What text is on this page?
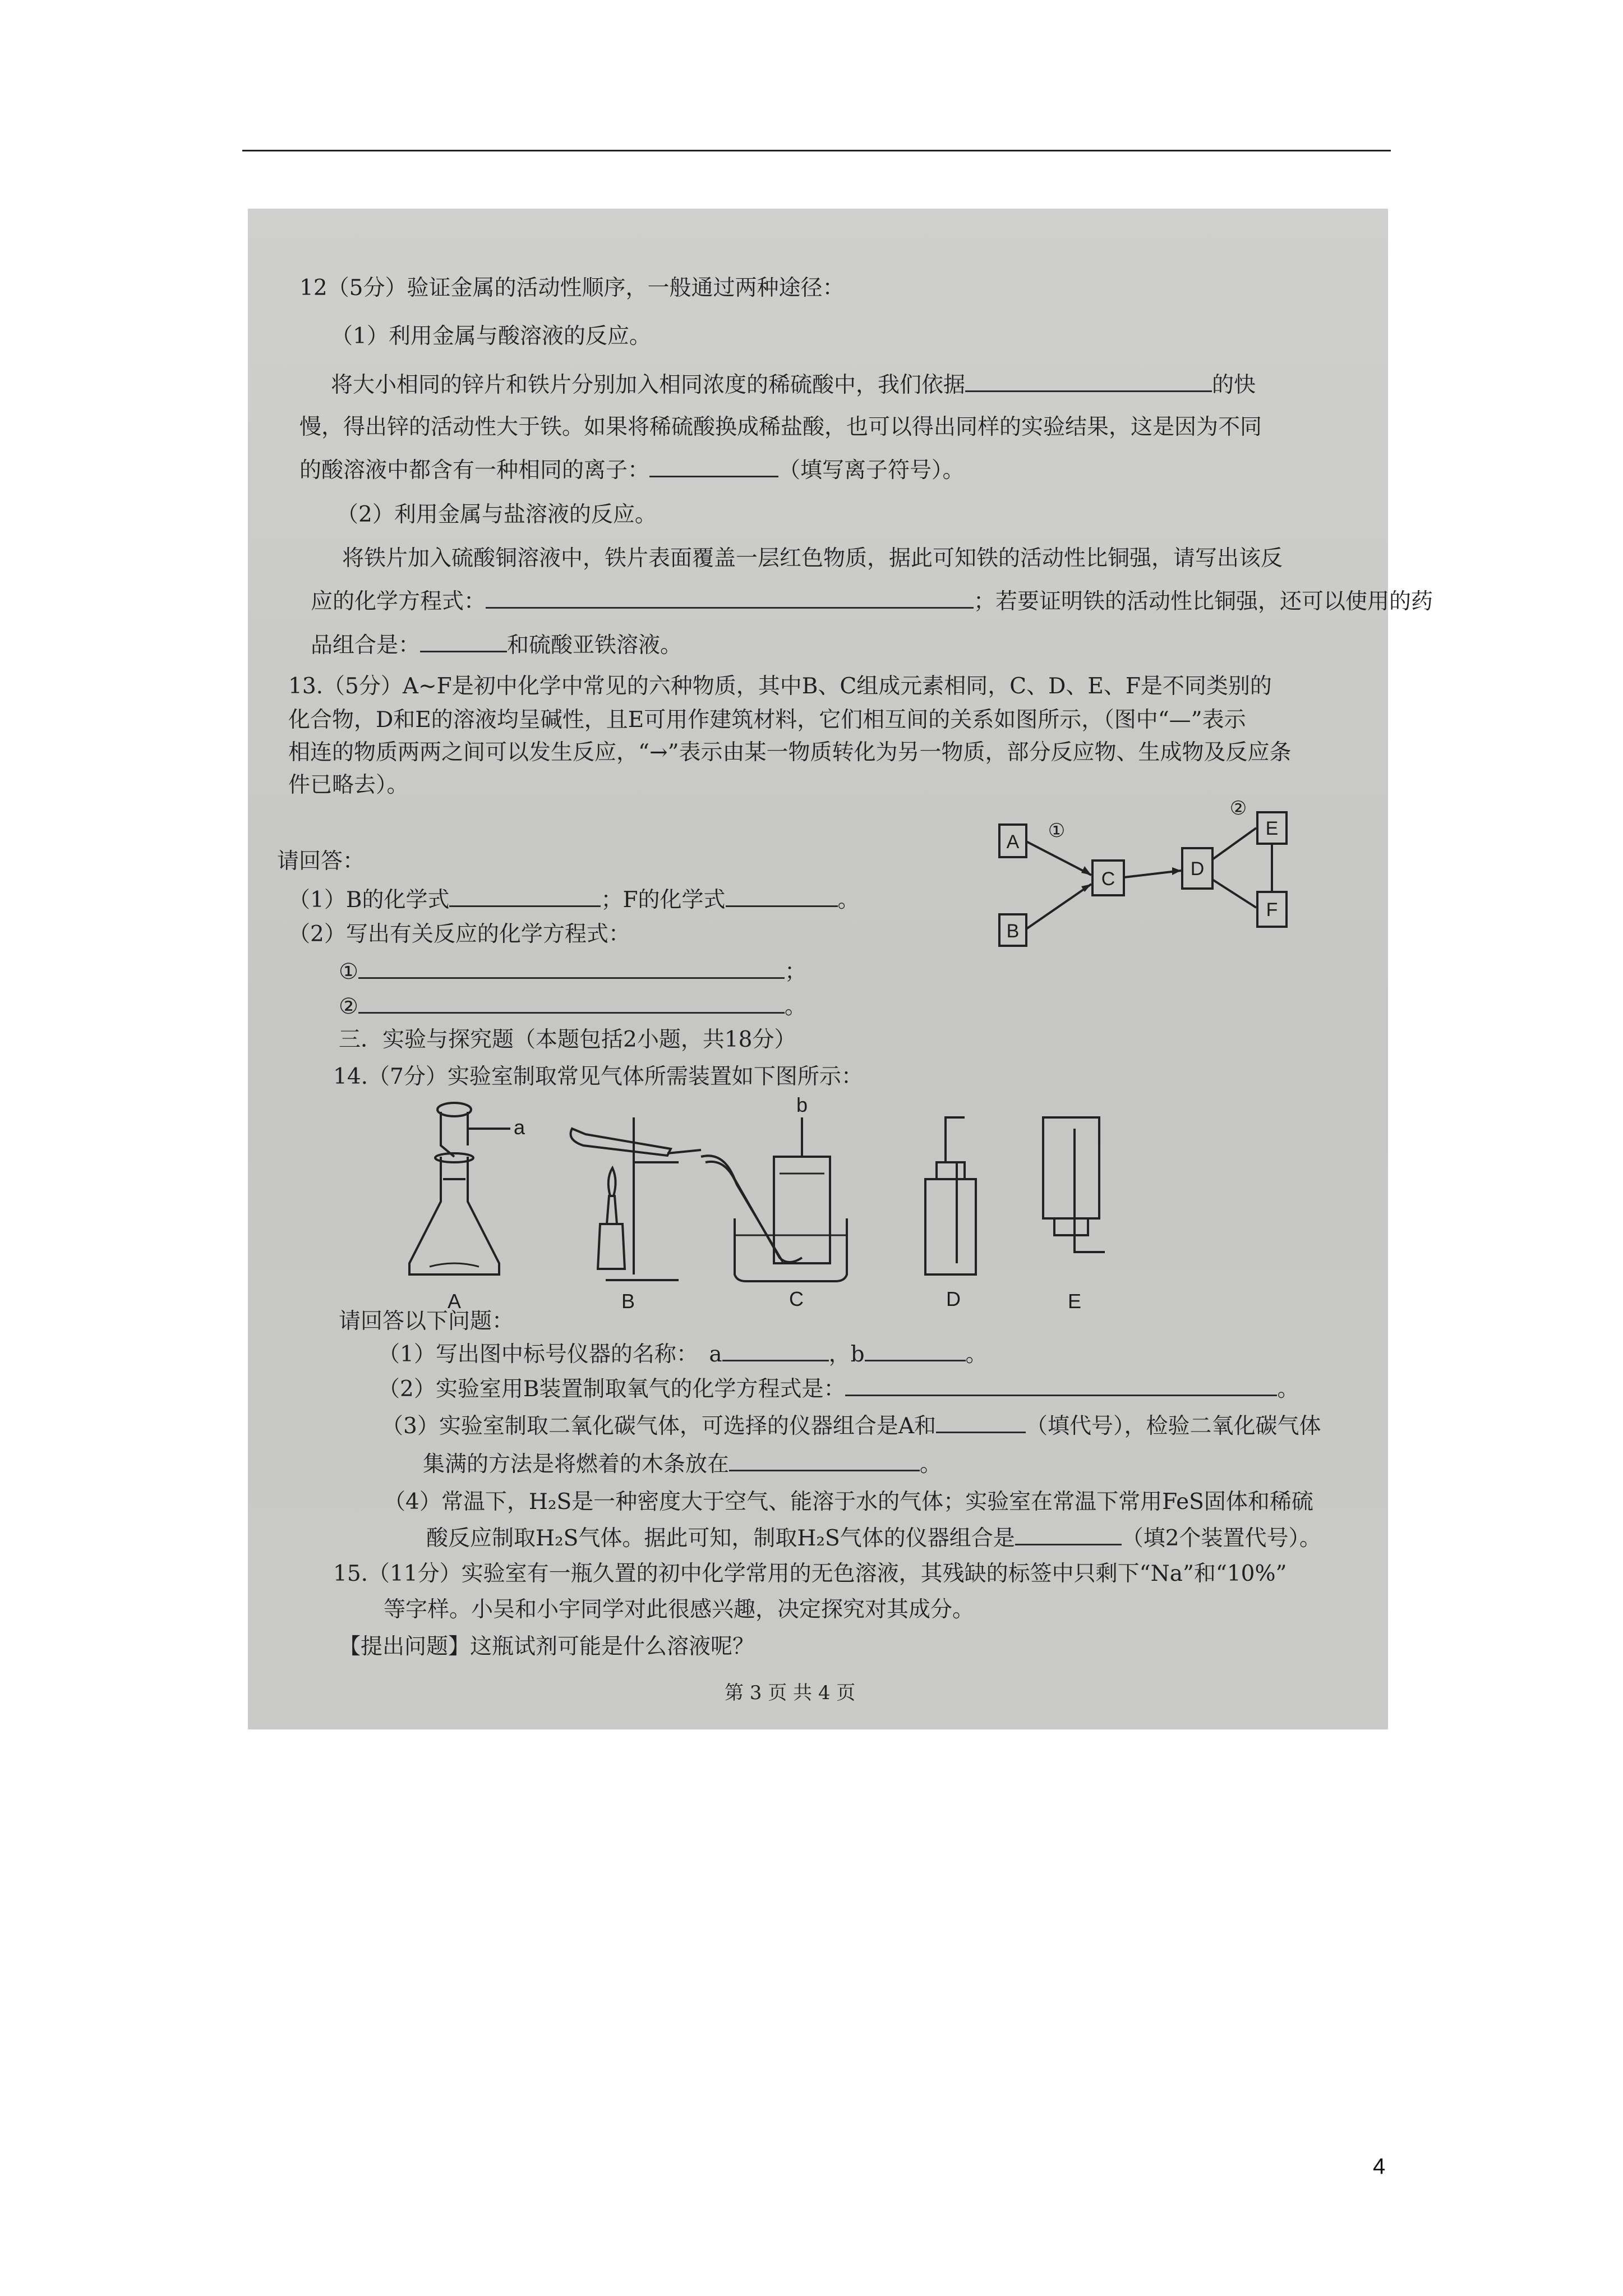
12（5分）验证金属的活动性顺序，一般通过两种途径：
（1）利用金属与酸溶液的反应。
将大小相同的锌片和铁片分别加入相同浓度的稀硫酸中，我们依据	的快
慢，得出锌的活动性大于铁。如果将稀硫酸换成稀盐酸，也可以得出同样的实验结果，这是因为不同
的酸溶液中都含有一种相同的离子：	（填写离子符号）。
（2）利用金属与盐溶液的反应。
将铁片加入硫酸铜溶液中，铁片表面覆盖一层红色物质，据此可知铁的活动性比铜强，请写出该反
应的化学方程式：	；若要证明铁的活动性比铜强，还可以使用的药
品组合是：	和硫酸亚铁溶液。
13.（5分）A~F是初中化学中常见的六种物质，其中B、C组成元素相同，C、D、E、F是不同类别的
化合物，D和E的溶液均呈碱性，且E可用作建筑材料，它们相互间的关系如图所示，（图中“—”表示
相连的物质两两之间可以发生反应，“→”表示由某一物质转化为另一物质，部分反应物、生成物及反应条
件已略去）。
请回答：
（1）B的化学式	；F的化学式	。
（2）写出有关反应的化学方程式：
①	；
②	。
A
B
C	D
E
F
①
②
三．实验与探究题（本题包括2小题，共18分）
14.（7分）实验室制取常见气体所需装置如下图所示：
A	B	C	D	E
a
b
请回答以下问题：
（1）写出图中标号仪器的名称：　a	，b	。
（2）实验室用B装置制取氧气的化学方程式是：	。
（3）实验室制取二氧化碳气体，可选择的仪器组合是A和	（填代号），检验二氧化碳气体
集满的方法是将燃着的木条放在	。
（4）常温下，H₂S是一种密度大于空气、能溶于水的气体；实验室在常温下常用FeS固体和稀硫
酸反应制取H₂S气体。据此可知，制取H₂S气体的仪器组合是	（填2个装置代号）。
15.（11分）实验室有一瓶久置的初中化学常用的无色溶液，其残缺的标签中只剩下“Na”和“10%”
等字样。小吴和小宇同学对此很感兴趣，决定探究对其成分。
【提出问题】这瓶试剂可能是什么溶液呢？
第 3 页 共 4 页
4
